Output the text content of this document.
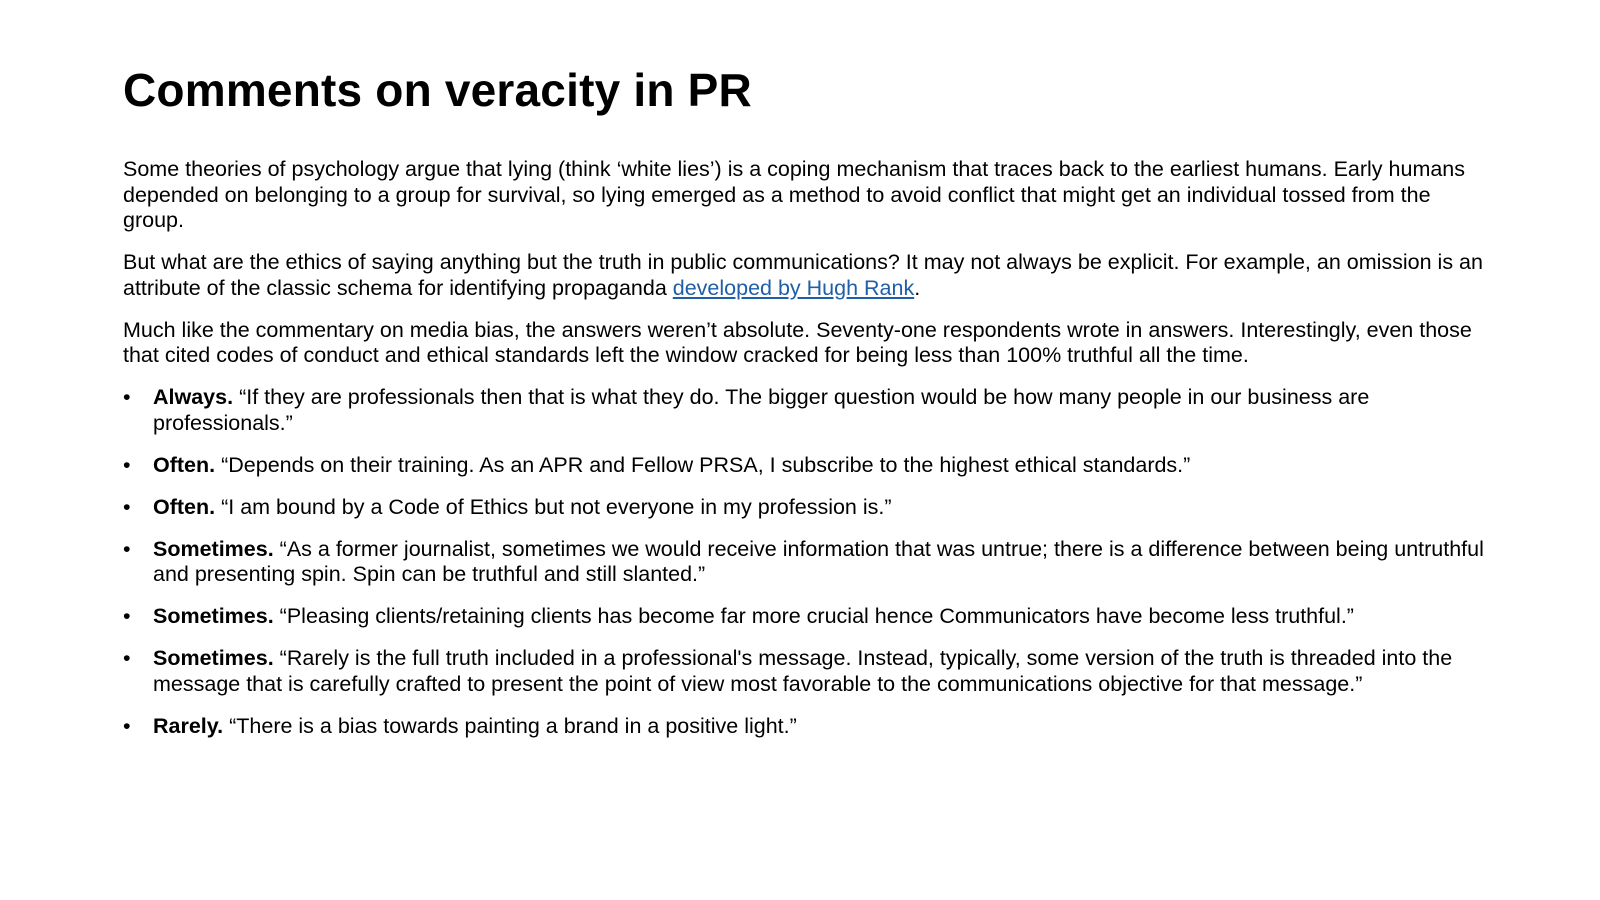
Comments on veracity in PR

Some theories of psychology argue that lying (think ‘white lies’) is a coping mechanism that traces back to the earliest humans. Early humans depended on belonging to a group for survival, so lying emerged as a method to avoid conflict that might get an individual tossed from the group.

But what are the ethics of saying anything but the truth in public communications? It may not always be explicit. For example, an omission is an attribute of the classic schema for identifying propaganda developed by Hugh Rank.

Much like the commentary on media bias, the answers weren’t absolute. Seventy-one respondents wrote in answers. Interestingly, even those that cited codes of conduct and ethical standards left the window cracked for being less than 100% truthful all the time.

• Always. “If they are professionals then that is what they do. The bigger question would be how many people in our business are professionals.”
• Often. “Depends on their training. As an APR and Fellow PRSA, I subscribe to the highest ethical standards.”
• Often. “I am bound by a Code of Ethics but not everyone in my profession is.”
• Sometimes. “As a former journalist, sometimes we would receive information that was untrue; there is a difference between being untruthful and presenting spin. Spin can be truthful and still slanted.”
• Sometimes. “Pleasing clients/retaining clients has become far more crucial hence Communicators have become less truthful.”
• Sometimes. “Rarely is the full truth included in a professional's message. Instead, typically, some version of the truth is threaded into the message that is carefully crafted to present the point of view most favorable to the communications objective for that message.”
• Rarely. “There is a bias towards painting a brand in a positive light.”
